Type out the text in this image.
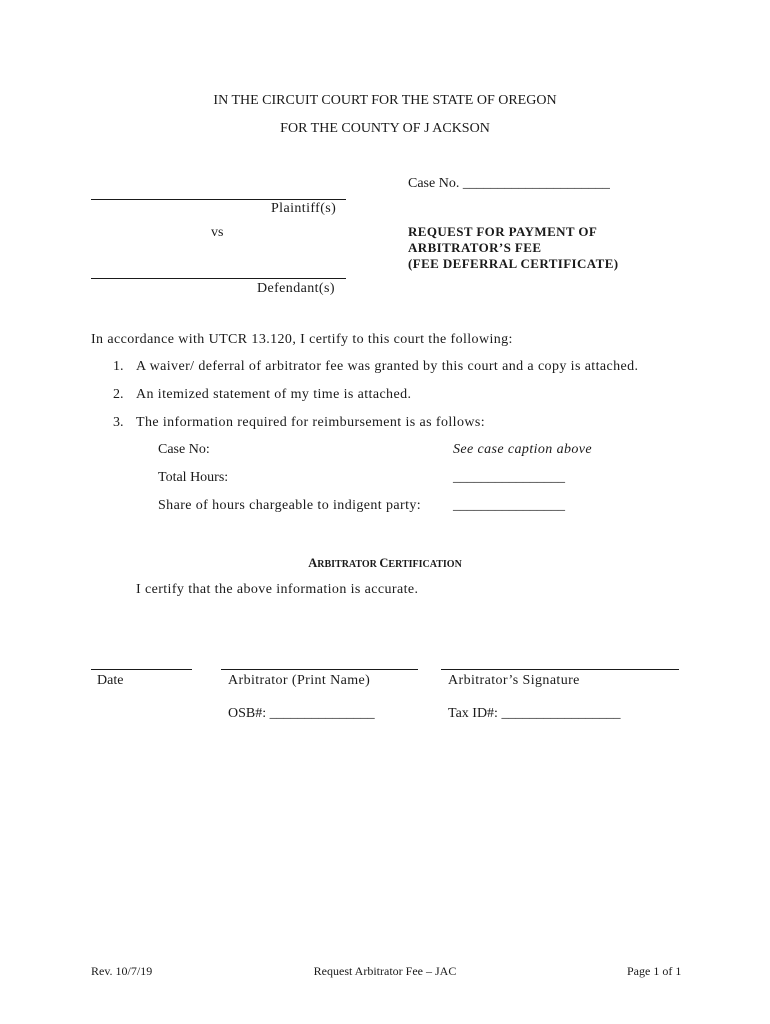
IN THE CIRCUIT COURT FOR THE STATE OF OREGON
FOR THE COUNTY OF J ACKSON
Plaintiff(s)
vs
Defendant(s)
Case No. _____________________
REQUEST FOR PAYMENT OF
ARBITRATOR’S FEE
(FEE DEFERRAL CERTIFICATE)
In accordance with UTCR 13.120, I certify to this court the following:
1. A waiver/ deferral of arbitrator fee was granted by this court and a copy is attached.
2. An itemized statement of my time is attached.
3. The information required for reimbursement is as follows:
Case No:	See case caption above
Total Hours:	________________
Share of hours chargeable to indigent party: ________________
ARBITRATOR CERTIFICATION
I certify that the above information is accurate.
Date	Arbitrator (Print Name)	Arbitrator’s Signature
OSB#: _______________	Tax ID#: _________________
Rev. 10/7/19	Request Arbitrator Fee – JAC	Page 1 of 1
